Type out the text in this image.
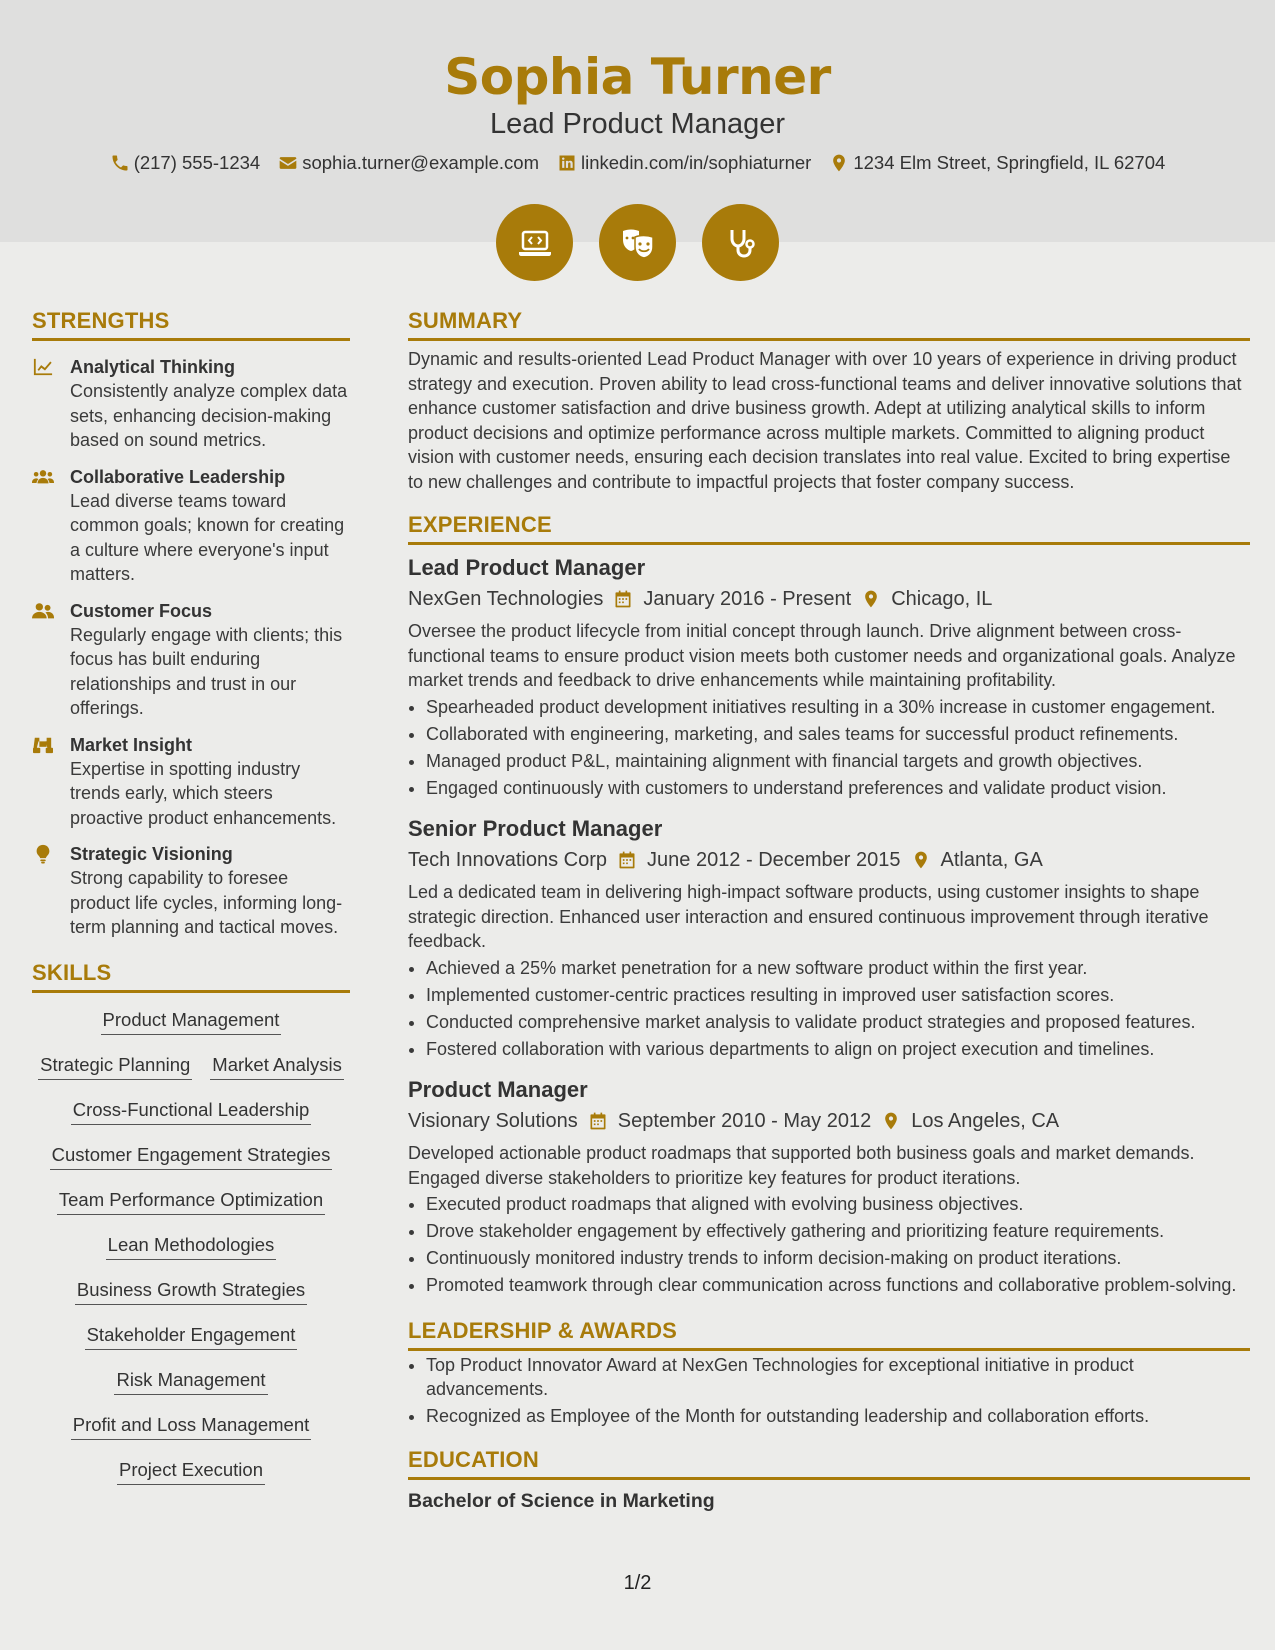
Sophia Turner
Lead Product Manager
(217) 555-1234 sophia.turner@example.com linkedin.com/in/sophiaturner 1234 Elm Street, Springfield, IL 62704
STRENGTHS
Analytical Thinking
Consistently analyze complex data sets, enhancing decision-making based on sound metrics.
Collaborative Leadership
Lead diverse teams toward common goals; known for creating a culture where everyone's input matters.
Customer Focus
Regularly engage with clients; this focus has built enduring relationships and trust in our offerings.
Market Insight
Expertise in spotting industry trends early, which steers proactive product enhancements.
Strategic Visioning
Strong capability to foresee product life cycles, informing long-term planning and tactical moves.
SKILLS
Product Management
Strategic Planning Market Analysis
Cross-Functional Leadership
Customer Engagement Strategies
Team Performance Optimization
Lean Methodologies
Business Growth Strategies
Stakeholder Engagement
Risk Management
Profit and Loss Management
Project Execution
SUMMARY
Dynamic and results-oriented Lead Product Manager with over 10 years of experience in driving product strategy and execution. Proven ability to lead cross-functional teams and deliver innovative solutions that enhance customer satisfaction and drive business growth. Adept at utilizing analytical skills to inform product decisions and optimize performance across multiple markets. Committed to aligning product vision with customer needs, ensuring each decision translates into real value. Excited to bring expertise to new challenges and contribute to impactful projects that foster company success.
EXPERIENCE
Lead Product Manager
NexGen Technologies January 2016 - Present Chicago, IL
Oversee the product lifecycle from initial concept through launch. Drive alignment between cross-functional teams to ensure product vision meets both customer needs and organizational goals. Analyze market trends and feedback to drive enhancements while maintaining profitability.
• Spearheaded product development initiatives resulting in a 30% increase in customer engagement.
• Collaborated with engineering, marketing, and sales teams for successful product refinements.
• Managed product P&L, maintaining alignment with financial targets and growth objectives.
• Engaged continuously with customers to understand preferences and validate product vision.
Senior Product Manager
Tech Innovations Corp June 2012 - December 2015 Atlanta, GA
Led a dedicated team in delivering high-impact software products, using customer insights to shape strategic direction. Enhanced user interaction and ensured continuous improvement through iterative feedback.
• Achieved a 25% market penetration for a new software product within the first year.
• Implemented customer-centric practices resulting in improved user satisfaction scores.
• Conducted comprehensive market analysis to validate product strategies and proposed features.
• Fostered collaboration with various departments to align on project execution and timelines.
Product Manager
Visionary Solutions September 2010 - May 2012 Los Angeles, CA
Developed actionable product roadmaps that supported both business goals and market demands. Engaged diverse stakeholders to prioritize key features for product iterations.
• Executed product roadmaps that aligned with evolving business objectives.
• Drove stakeholder engagement by effectively gathering and prioritizing feature requirements.
• Continuously monitored industry trends to inform decision-making on product iterations.
• Promoted teamwork through clear communication across functions and collaborative problem-solving.
LEADERSHIP & AWARDS
• Top Product Innovator Award at NexGen Technologies for exceptional initiative in product advancements.
• Recognized as Employee of the Month for outstanding leadership and collaboration efforts.
EDUCATION
Bachelor of Science in Marketing
1/2
